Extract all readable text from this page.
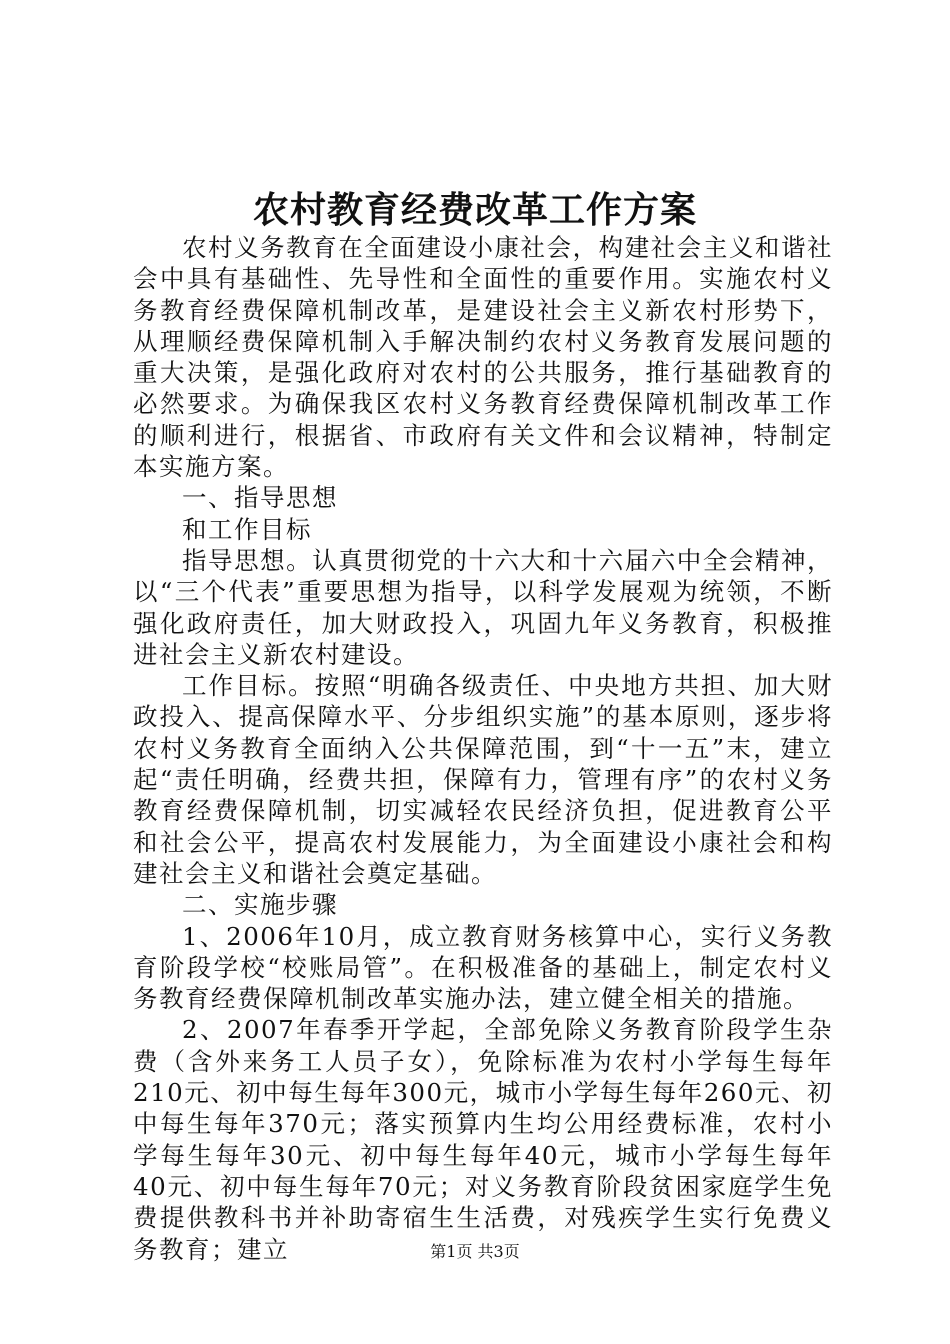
农村教育经费改革工作方案

农村义务教育在全面建设小康社会，构建社会主义和谐社会中具有基础性、先导性和全面性的重要作用。实施农村义务教育经费保障机制改革，是建设社会主义新农村形势下，从理顺经费保障机制入手解决制约农村义务教育发展问题的重大决策，是强化政府对农村的公共服务，推行基础教育的必然要求。为确保我区农村义务教育经费保障机制改革工作的顺利进行，根据省、市政府有关文件和会议精神，特制定本实施方案。

一、指导思想

和工作目标

指导思想。认真贯彻党的十六大和十六届六中全会精神，以“三个代表”重要思想为指导，以科学发展观为统领，不断强化政府责任，加大财政投入，巩固九年义务教育，积极推进社会主义新农村建设。

工作目标。按照“明确各级责任、中央地方共担、加大财政投入、提高保障水平、分步组织实施”的基本原则，逐步将农村义务教育全面纳入公共保障范围，到“十一五”末，建立起“责任明确，经费共担，保障有力，管理有序”的农村义务教育经费保障机制，切实减轻农民经济负担，促进教育公平和社会公平，提高农村发展能力，为全面建设小康社会和构建社会主义和谐社会奠定基础。

二、实施步骤

1、2006年10月，成立教育财务核算中心，实行义务教育阶段学校“校账局管”。在积极准备的基础上，制定农村义务教育经费保障机制改革实施办法，建立健全相关的措施。

2、2007年春季开学起，全部免除义务教育阶段学生杂费（含外来务工人员子女），免除标准为农村小学每生每年210元、初中每生每年300元，城市小学每生每年260元、初中每生每年370元；落实预算内生均公用经费标准，农村小学每生每年30元、初中每生每年40元，城市小学每生每年40元、初中每生每年70元；对义务教育阶段贫困家庭学生免费提供教科书并补助寄宿生生活费，对残疾学生实行免费义务教育；建立	第1页 共3页
